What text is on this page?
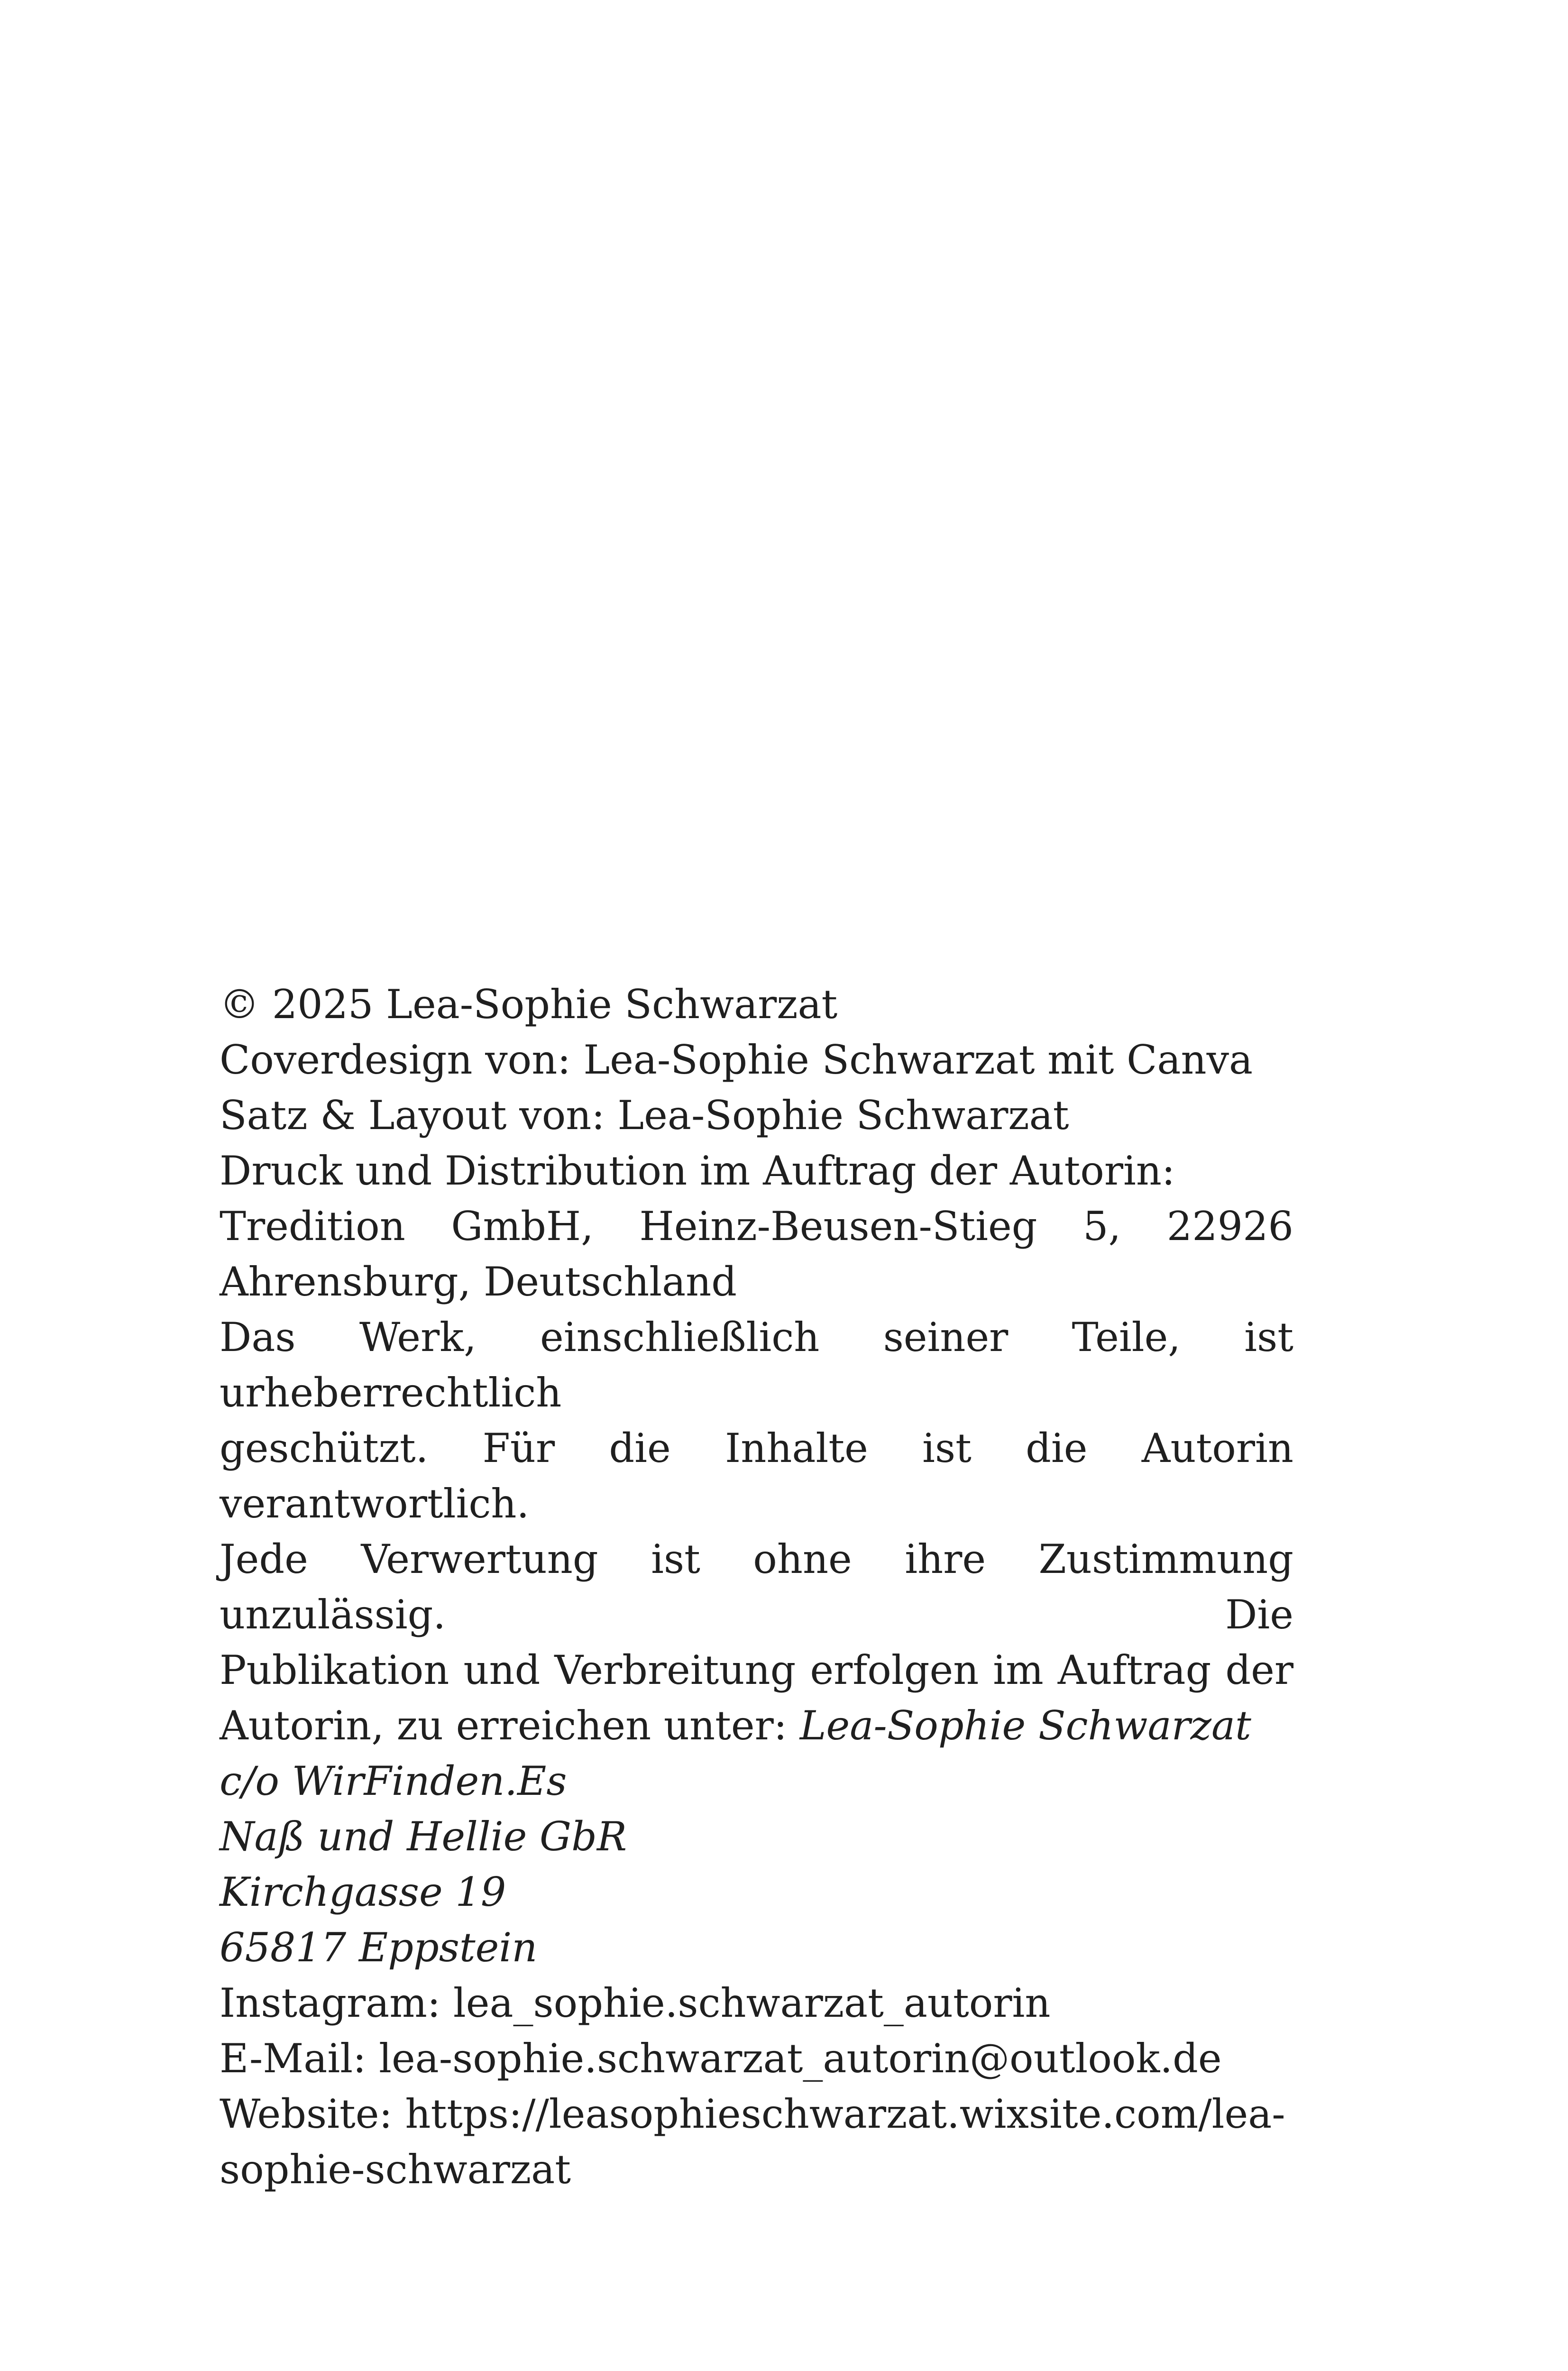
© 2025 Lea-Sophie Schwarzat
Coverdesign von: Lea-Sophie Schwarzat mit Canva
Satz & Layout von: Lea-Sophie Schwarzat
Druck und Distribution im Auftrag der Autorin:
Tredition GmbH, Heinz-Beusen-Stieg 5, 22926
Ahrensburg, Deutschland
Das Werk, einschließlich seiner Teile, ist urheberrechtlich
geschützt. Für die Inhalte ist die Autorin verantwortlich.
Jede Verwertung ist ohne ihre Zustimmung unzulässig. Die
Publikation und Verbreitung erfolgen im Auftrag der
Autorin, zu erreichen unter: Lea-Sophie Schwarzat
c/o WirFinden.Es
Naß und Hellie GbR
Kirchgasse 19
65817 Eppstein
Instagram: lea_sophie.schwarzat_autorin
E-Mail: lea-sophie.schwarzat_autorin@outlook.de
Website: https://leasophieschwarzat.wixsite.com/lea-
sophie-schwarzat
